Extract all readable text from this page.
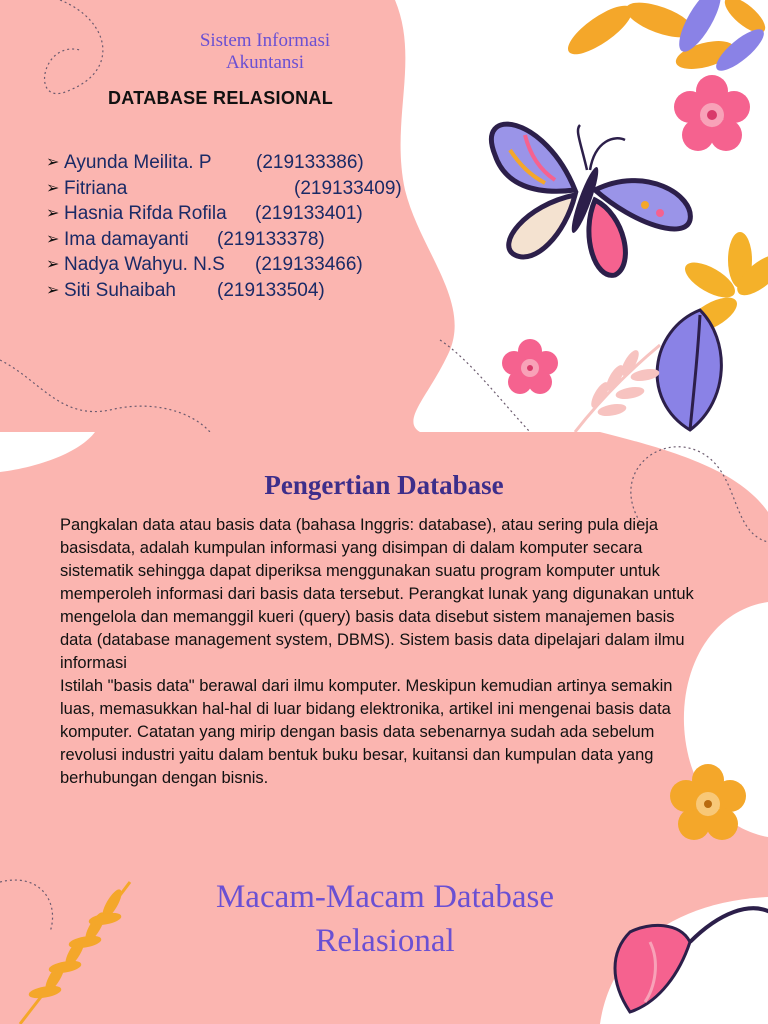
Sistem Informasi
Akuntansi
DATABASE RELASIONAL
➢ Ayunda Meilita. P (219133386)
➢ Fitriana	(219133409)
➢ Hasnia Rifda Rofila (219133401)
➢ Ima damayanti (219133378)
➢ Nadya Wahyu. N.S (219133466)
➢ Siti Suhaibah (219133504)
Pengertian Database

Pangkalan data atau basis data (bahasa Inggris: database), atau sering pula dieja basisdata, adalah kumpulan informasi yang disimpan di dalam komputer secara sistematik sehingga dapat diperiksa menggunakan suatu program komputer untuk memperoleh informasi dari basis data tersebut. Perangkat lunak yang digunakan untuk mengelola dan memanggil kueri (query) basis data disebut sistem manajemen basis data (database management system, DBMS). Sistem basis data dipelajari dalam ilmu informasi

Istilah "basis data" berawal dari ilmu komputer. Meskipun kemudian artinya semakin luas, memasukkan hal-hal di luar bidang elektronika, artikel ini mengenai basis data komputer. Catatan yang mirip dengan basis data sebenarnya sudah ada sebelum revolusi industri yaitu dalam bentuk buku besar, kuitansi dan kumpulan data yang berhubungan dengan bisnis.

Macam-Macam Database
Relasional
